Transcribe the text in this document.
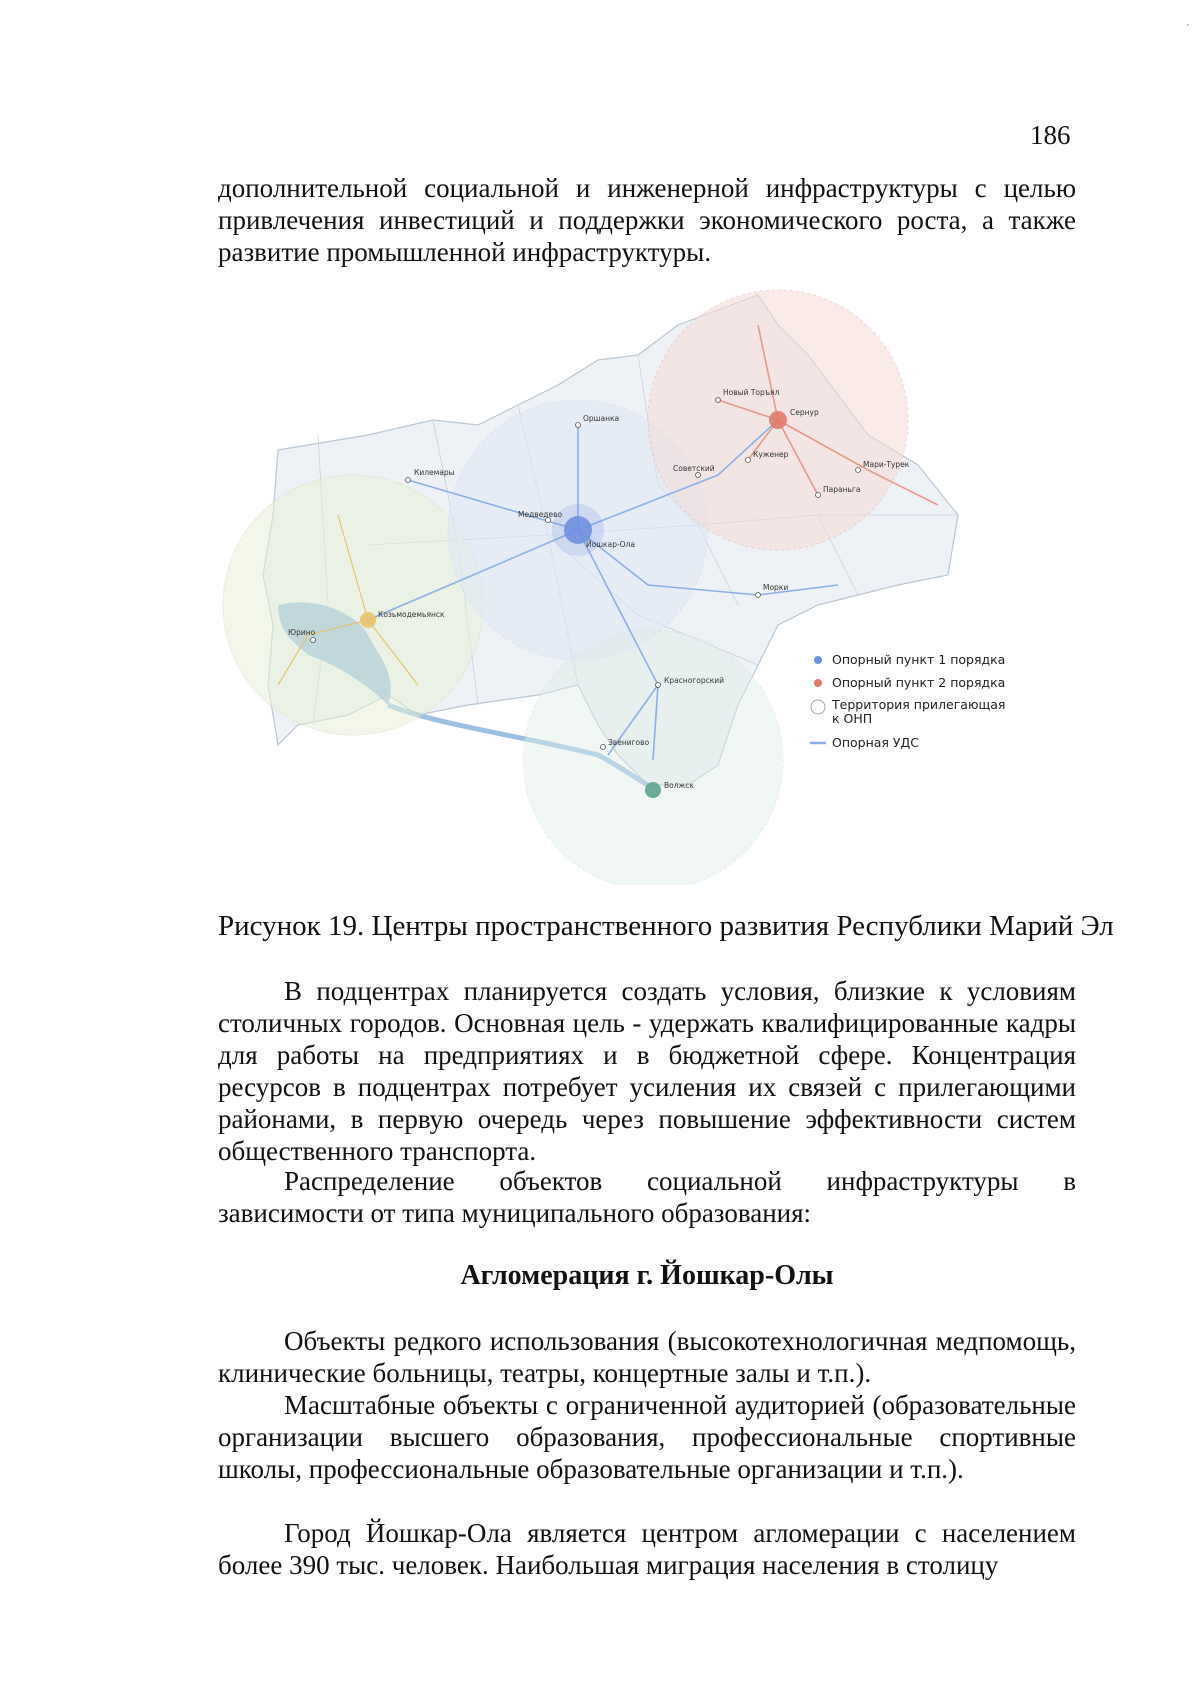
·
186

дополнительной социальной и инженерной инфраструктуры с целью привлечения инвестиций и поддержки экономического роста, а также развитие промышленной инфраструктуры.

Килемары
Оршанка
Новый Торъял
Сернур
Куженер
Мари-Турек
Советский
Параньга
Медведево
Йошкар-Ола
Морки
Козьмодемьянск
Юрино
Красногорский
Звенигово
Волжск
Опорный пункт 1 порядка
Опорный пункт 2 порядка
Территория прилегающая
к ОНП
Опорная УДС

Рисунок 19. Центры пространственного развития Республики Марий Эл

В подцентрах планируется создать условия, близкие к условиям столичных городов. Основная цель - удержать квалифицированные кадры для работы на предприятиях и в бюджетной сфере. Концентрация ресурсов в подцентрах потребует усиления их связей с прилегающими районами, в первую очередь через повышение эффективности систем общественного транспорта.

Распределение объектов социальной инфраструктуры в зависимости от типа муниципального образования:

Агломерация г. Йошкар-Олы

Объекты редкого использования (высокотехнологичная медпомощь, клинические больницы, театры, концертные залы и т.п.).

Масштабные объекты с ограниченной аудиторией (образовательные организации высшего образования, профессиональные спортивные школы, профессиональные образовательные организации и т.п.).

Город Йошкар-Ола является центром агломерации с населением более 390 тыс. человек. Наибольшая миграция населения в столицу
